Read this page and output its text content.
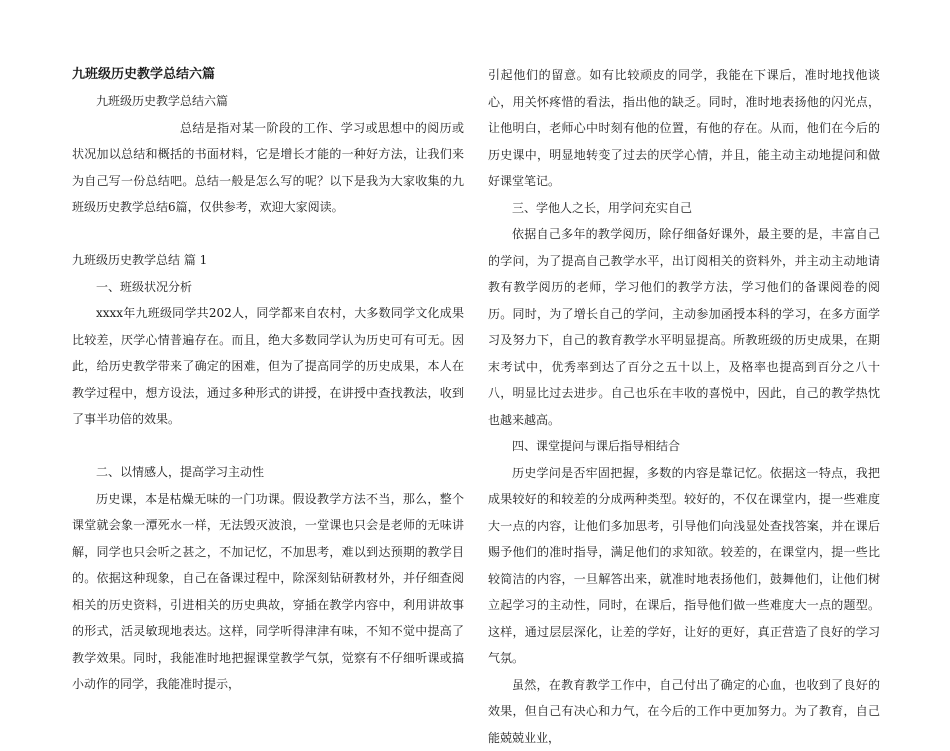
九班级历史教学总结六篇

九班级历史教学总结六篇

总结是指对某一阶段的工作、学习或思想中的阅历或状况加以总结和概括的书面材料，它是增长才能的一种好方法，让我们来为自己写一份总结吧。总结一般是怎么写的呢？以下是我为大家收集的九班级历史教学总结6篇，仅供参考，欢迎大家阅读。

九班级历史教学总结 篇 1

一、班级状况分析

xxxx年九班级同学共202人，同学都来自农村，大多数同学文化成果比较差，厌学心情普遍存在。而且，绝大多数同学认为历史可有可无。因此，给历史教学带来了确定的困难，但为了提高同学的历史成果，本人在教学过程中，想方设法，通过多种形式的讲授，在讲授中查找教法，收到了事半功倍的效果。

二、以情感人，提高学习主动性

历史课，本是枯燥无味的一门功课。假设教学方法不当，那么，整个课堂就会象一潭死水一样，无法毁灭波浪，一堂课也只会是老师的无味讲解，同学也只会听之甚之，不加记忆，不加思考，难以到达预期的教学目的。依据这种现象，自己在备课过程中，除深刻钻研教材外，并仔细查阅相关的历史资料，引进相关的历史典故，穿插在教学内容中，利用讲故事的形式，活灵敏现地表达。这样，同学听得津津有味，不知不觉中提高了教学效果。同时，我能准时地把握课堂教学气氛，觉察有不仔细听课或搞小动作的同学，我能准时提示，

引起他们的留意。如有比较顽皮的同学，我能在下课后，准时地找他谈心，用关怀疼惜的看法，指出他的缺乏。同时，准时地表扬他的闪光点，让他明白，老师心中时刻有他的位置，有他的存在。从而，他们在今后的历史课中，明显地转变了过去的厌学心情，并且，能主动主动地提问和做好课堂笔记。

三、学他人之长，用学问充实自己

依据自己多年的教学阅历，除仔细备好课外，最主要的是，丰富自己的学问，为了提高自己教学水平，出订阅相关的资料外，并主动主动地请教有教学阅历的老师，学习他们的教学方法，学习他们的备课阅卷的阅历。同时，为了增长自己的学问，主动参加函授本科的学习，在多方面学习及努力下，自己的教育教学水平明显提高。所教班级的历史成果，在期末考试中，优秀率到达了百分之五十以上，及格率也提高到百分之八十八，明显比过去进步。自己也乐在丰收的喜悦中，因此，自己的教学热忱也越来越高。

四、课堂提问与课后指导相结合

历史学问是否牢固把握，多数的内容是靠记忆。依据这一特点，我把成果较好的和较差的分成两种类型。较好的，不仅在课堂内，提一些难度大一点的内容，让他们多加思考，引导他们向浅显处查找答案，并在课后赐予他们的准时指导，满足他们的求知欲。较差的，在课堂内，提一些比较简洁的内容，一旦解答出来，就准时地表扬他们，鼓舞他们，让他们树立起学习的主动性，同时，在课后，指导他们做一些难度大一点的题型。这样，通过层层深化，让差的学好，让好的更好，真正营造了良好的学习气氛。

虽然，在教育教学工作中，自己付出了确定的心血，也收到了良好的效果，但自己有决心和力气，在今后的工作中更加努力。为了教育，自己能兢兢业业，
